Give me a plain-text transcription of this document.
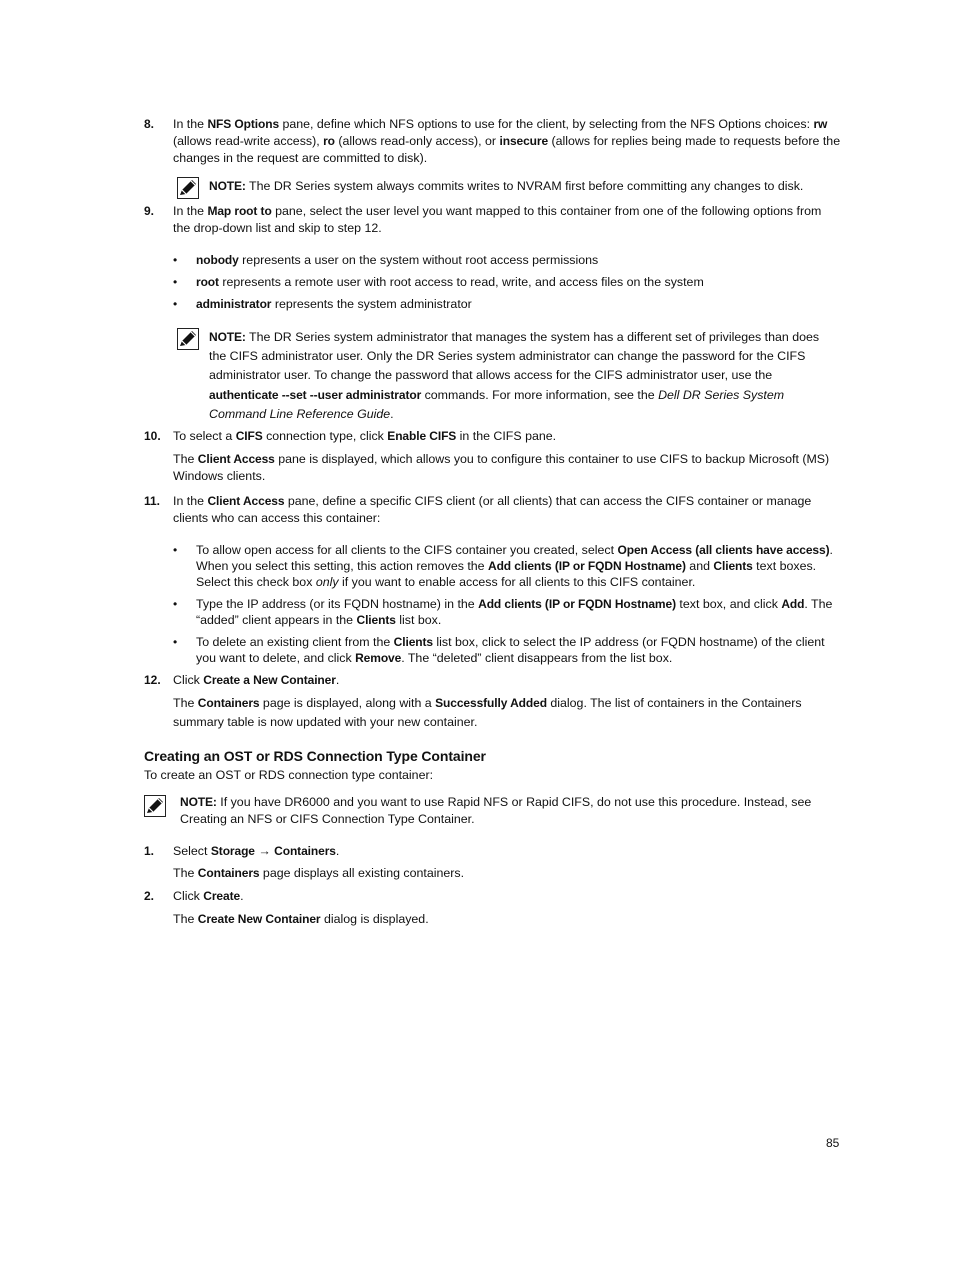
8. In the NFS Options pane, define which NFS options to use for the client, by selecting from the NFS Options choices: rw (allows read-write access), ro (allows read-only access), or insecure (allows for replies being made to requests before the changes in the request are committed to disk).

NOTE: The DR Series system always commits writes to NVRAM first before committing any changes to disk.

9. In the Map root to pane, select the user level you want mapped to this container from one of the following options from the drop-down list and skip to step 12.

• nobody represents a user on the system without root access permissions

• root represents a remote user with root access to read, write, and access files on the system

• administrator represents the system administrator

NOTE: The DR Series system administrator that manages the system has a different set of privileges than does the CIFS administrator user. Only the DR Series system administrator can change the password for the CIFS administrator user. To change the password that allows access for the CIFS administrator user, use the authenticate --set --user administrator commands. For more information, see the Dell DR Series System Command Line Reference Guide.

10. To select a CIFS connection type, click Enable CIFS in the CIFS pane.

The Client Access pane is displayed, which allows you to configure this container to use CIFS to backup Microsoft (MS) Windows clients.

11. In the Client Access pane, define a specific CIFS client (or all clients) that can access the CIFS container or manage clients who can access this container:

• To allow open access for all clients to the CIFS container you created, select Open Access (all clients have access). When you select this setting, this action removes the Add clients (IP or FQDN Hostname) and Clients text boxes. Select this check box only if you want to enable access for all clients to this CIFS container.

• Type the IP address (or its FQDN hostname) in the Add clients (IP or FQDN Hostname) text box, and click Add. The “added” client appears in the Clients list box.

• To delete an existing client from the Clients list box, click to select the IP address (or FQDN hostname) of the client you want to delete, and click Remove. The “deleted” client disappears from the list box.

12. Click Create a New Container.

The Containers page is displayed, along with a Successfully Added dialog. The list of containers in the Containers summary table is now updated with your new container.

Creating an OST or RDS Connection Type Container

To create an OST or RDS connection type container:

NOTE: If you have DR6000 and you want to use Rapid NFS or Rapid CIFS, do not use this procedure. Instead, see Creating an NFS or CIFS Connection Type Container.

1. Select Storage → Containers.

The Containers page displays all existing containers.

2. Click Create.

The Create New Container dialog is displayed.

85
